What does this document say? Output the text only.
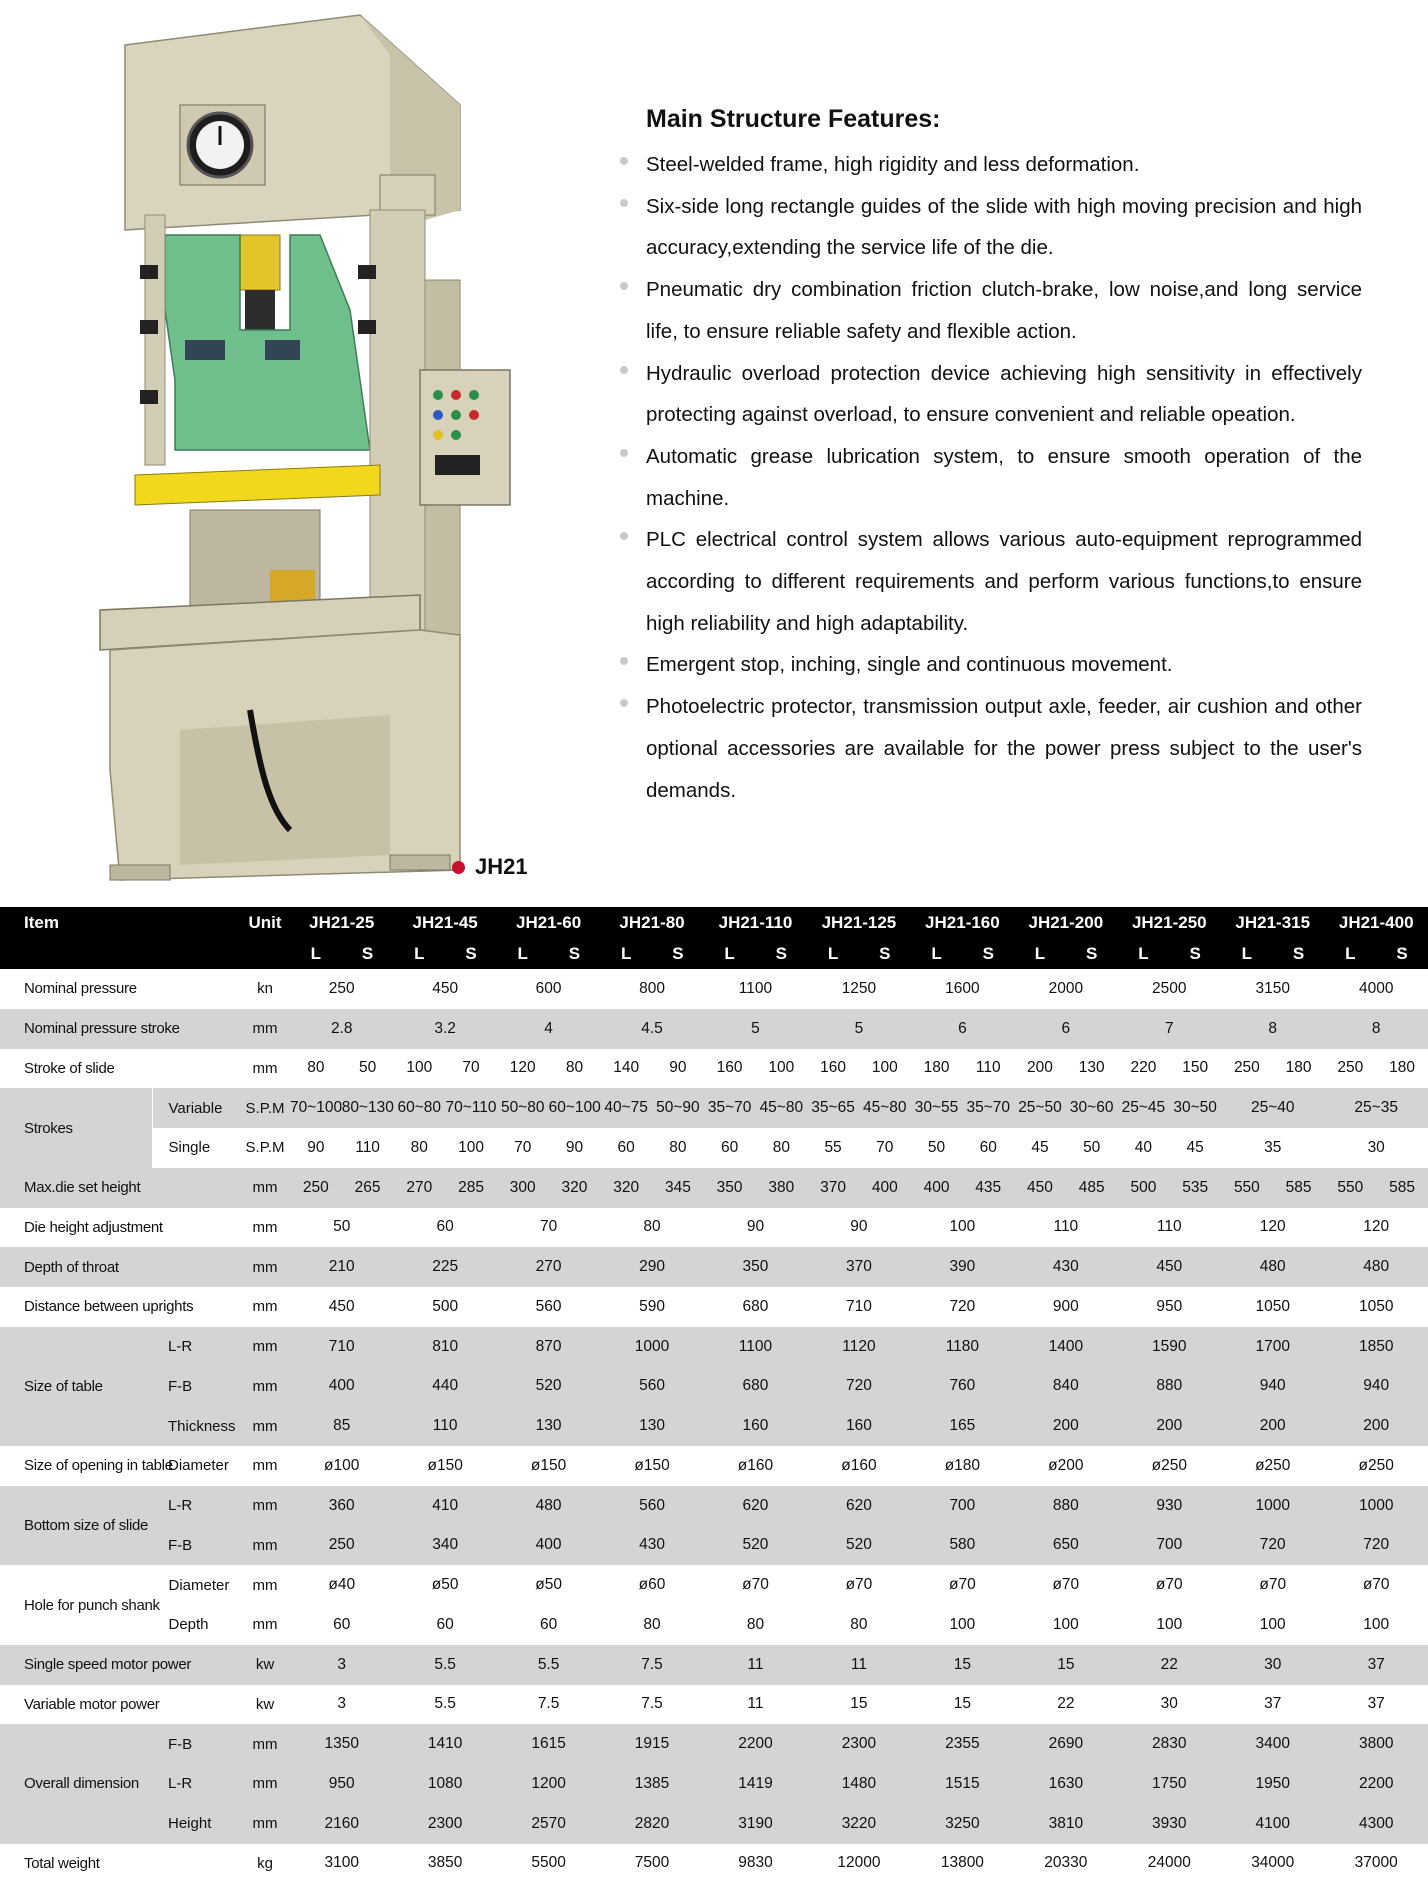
JH21
Main Structure Features:
Steel-welded frame, high rigidity and less deformation.
Six-side long rectangle guides of the slide with high moving precision and high accuracy,extending the service life of the die.
Pneumatic dry combination friction clutch-brake, low noise,and long service life, to ensure reliable safety and flexible action.
Hydraulic overload protection device achieving high sensitivity in effectively protecting against overload, to ensure convenient and reliable opeation.
Automatic grease lubrication system, to ensure smooth operation of the machine.
PLC electrical control system allows various auto-equipment reprogrammed according to different requirements and perform various functions,to ensure high reliability and high adaptability.
Emergent stop, inching, single and continuous movement.
Photoelectric protector, transmission output axle, feeder, air cushion and other optional accessories are available for the power press subject to the user's demands.
Item		Unit	JH21-25		JH21-45		JH21-60		JH21-80		JH21-110		JH21-125		JH21-160		JH21-200		JH21-250		JH21-315		JH21-400	
			L	S	L	S	L	S	L	S	L	S	L	S	L	S	L	S	L	S	L	S	L	S
Nominal pressure		kn	250		450		600		800		1100		1250		1600		2000		2500		3150		4000	
Nominal pressure stroke		mm	2.8		3.2		4		4.5		5		5		6		6		7		8		8	
Stroke of slide		mm	80	50	100	70	120	80	140	90	160	100	160	100	180	110	200	130	220	150	250	180	250	180
Strokes	Variable	S.P.M	70~100	80~130	60~80	70~110	50~80	60~100	40~75	50~90	35~70	45~80	35~65	45~80	30~55	35~70	25~50	30~60	25~45	30~50	25~40		25~35	
	Single	S.P.M	90	110	80	100	70	90	60	80	60	80	55	70	50	60	45	50	40	45	35		30	
Max.die set height		mm	250	265	270	285	300	320	320	345	350	380	370	400	400	435	450	485	500	535	550	585	550	585
Die height adjustment		mm	50		60		70		80		90		90		100		110		110		120		120	
Depth of throat		mm	210		225		270		290		350		370		390		430		450		480		480	
Distance between uprights		mm	450		500		560		590		680		710		720		900		950		1050		1050	
Size of table	L-R	mm	710		810		870		1000		1100		1120		1180		1400		1590		1700		1850	
	F-B	mm	400		440		520		560		680		720		760		840		880		940		940	
	Thickness	mm	85		110		130		130		160		160		165		200		200		200		200	
Size of opening in table	Diameter	mm	ø100		ø150		ø150		ø150		ø160		ø160		ø180		ø200		ø250		ø250		ø250	
Bottom size of slide	L-R	mm	360		410		480		560		620		620		700		880		930		1000		1000	
	F-B	mm	250		340		400		430		520		520		580		650		700		720		720	
Hole for punch shank	Diameter	mm	ø40		ø50		ø50		ø60		ø70		ø70		ø70		ø70		ø70		ø70		ø70	
	Depth	mm	60		60		60		80		80		80		100		100		100		100		100	
Single speed motor power		kw	3		5.5		5.5		7.5		11		11		15		15		22		30		37	
Variable motor power		kw	3		5.5		7.5		7.5		11		15		15		22		30		37		37	
Overall dimension	F-B	mm	1350		1410		1615		1915		2200		2300		2355		2690		2830		3400		3800	
	L-R	mm	950		1080		1200		1385		1419		1480		1515		1630		1750		1950		2200	
	Height	mm	2160		2300		2570		2820		3190		3220		3250		3810		3930		4100		4300	
Total weight		kg	3100		3850		5500		7500		9830		12000		13800		20330		24000		34000		37000	
